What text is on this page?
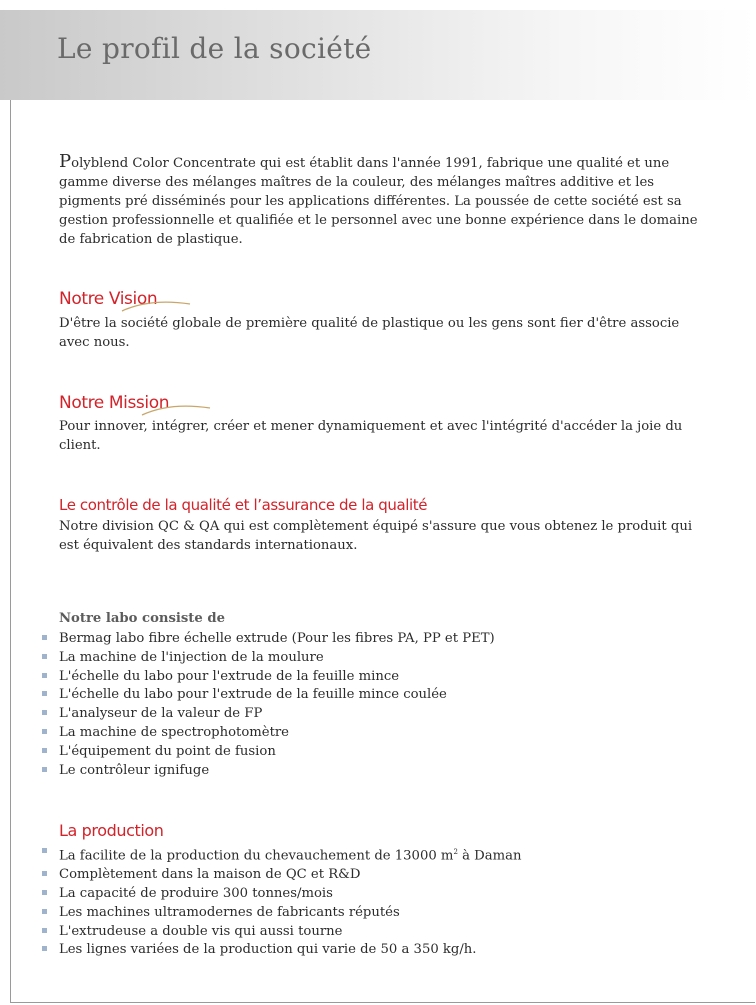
Le profil de la société

Polyblend Color Concentrate qui est établit dans l'année 1991, fabrique une qualité et une gamme diverse des mélanges maîtres de la couleur, des mélanges maîtres additive et les pigments pré disséminés pour les applications différentes. La poussée de cette société est sa gestion professionnelle et qualifiée et le personnel avec une bonne expérience dans le domaine de fabrication de plastique.

Notre Vision

D'être la société globale de première qualité de plastique ou les gens sont fier d'être associe avec nous.

Notre Mission

Pour innover, intégrer, créer et mener dynamiquement et avec l'intégrité d'accéder la joie du client.

Le contrôle de la qualité et l’assurance de la qualité

Notre division QC & QA qui est complètement équipé s'assure que vous obtenez le produit qui est équivalent des standards internationaux.

Notre labo consiste de
Bermag labo fibre échelle extrude (Pour les fibres PA, PP et PET)
La machine de l'injection de la moulure
L'échelle du labo pour l'extrude de la feuille mince
L'échelle du labo pour l'extrude de la feuille mince coulée
L'analyseur de la valeur de FP
La machine de spectrophotomètre
L'équipement du point de fusion
Le contrôleur ignifuge
La production
La facilite de la production du chevauchement de 13000 $m^2$ à Daman
Complètement dans la maison de QC et R&D
La capacité de produire 300 tonnes/mois
Les machines ultramodernes de fabricants réputés
L'extrudeuse a double vis qui aussi tourne
Les lignes variées de la production qui varie de 50 a 350 kg/h.
